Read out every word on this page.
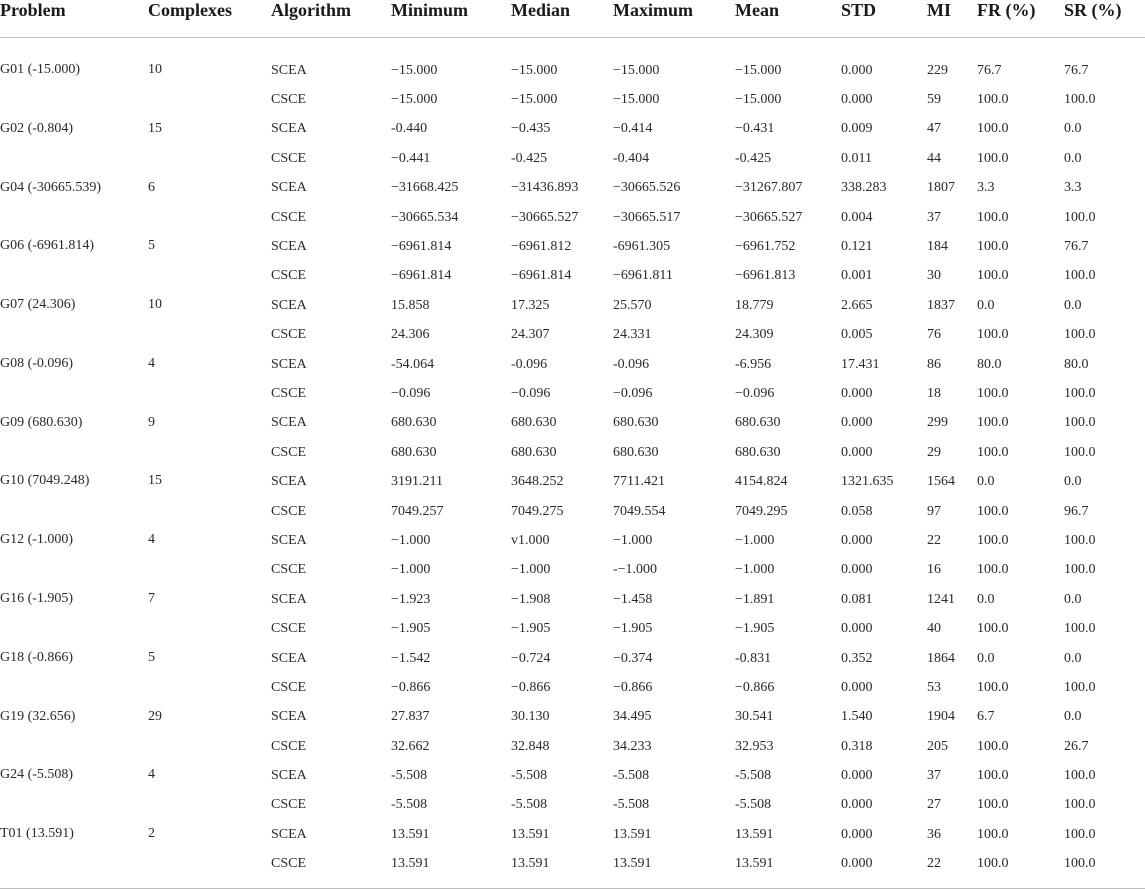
Problem	Complexes	Algorithm	Minimum	Median	Maximum	Mean	STD	MI	FR (%)	SR (%)

G01 (-15.000)	10	SCEA	−15.000	−15.000	−15.000	−15.000	0.000	229	76.7	76.7
		CSCE	−15.000	−15.000	−15.000	−15.000	0.000	59	100.0	100.0
G02 (-0.804)	15	SCEA	-0.440	−0.435	−0.414	−0.431	0.009	47	100.0	0.0
		CSCE	−0.441	-0.425	-0.404	-0.425	0.011	44	100.0	0.0
G04 (-30665.539)	6	SCEA	−31668.425	−31436.893	−30665.526	−31267.807	338.283	1807	3.3	3.3
		CSCE	−30665.534	−30665.527	−30665.517	−30665.527	0.004	37	100.0	100.0
G06 (-6961.814)	5	SCEA	−6961.814	−6961.812	-6961.305	−6961.752	0.121	184	100.0	76.7
		CSCE	−6961.814	−6961.814	−6961.811	−6961.813	0.001	30	100.0	100.0
G07 (24.306)	10	SCEA	15.858	17.325	25.570	18.779	2.665	1837	0.0	0.0
		CSCE	24.306	24.307	24.331	24.309	0.005	76	100.0	100.0
G08 (-0.096)	4	SCEA	-54.064	-0.096	-0.096	-6.956	17.431	86	80.0	80.0
		CSCE	−0.096	−0.096	−0.096	−0.096	0.000	18	100.0	100.0
G09 (680.630)	9	SCEA	680.630	680.630	680.630	680.630	0.000	299	100.0	100.0
		CSCE	680.630	680.630	680.630	680.630	0.000	29	100.0	100.0
G10 (7049.248)	15	SCEA	3191.211	3648.252	7711.421	4154.824	1321.635	1564	0.0	0.0
		CSCE	7049.257	7049.275	7049.554	7049.295	0.058	97	100.0	96.7
G12 (-1.000)	4	SCEA	−1.000	v1.000	−1.000	−1.000	0.000	22	100.0	100.0
		CSCE	−1.000	−1.000	-−1.000	−1.000	0.000	16	100.0	100.0
G16 (-1.905)	7	SCEA	−1.923	−1.908	−1.458	−1.891	0.081	1241	0.0	0.0
		CSCE	−1.905	−1.905	−1.905	−1.905	0.000	40	100.0	100.0
G18 (-0.866)	5	SCEA	−1.542	−0.724	−0.374	-0.831	0.352	1864	0.0	0.0
		CSCE	−0.866	−0.866	−0.866	−0.866	0.000	53	100.0	100.0
G19 (32.656)	29	SCEA	27.837	30.130	34.495	30.541	1.540	1904	6.7	0.0
		CSCE	32.662	32.848	34.233	32.953	0.318	205	100.0	26.7
G24 (-5.508)	4	SCEA	-5.508	-5.508	-5.508	-5.508	0.000	37	100.0	100.0
		CSCE	-5.508	-5.508	-5.508	-5.508	0.000	27	100.0	100.0
T01 (13.591)	2	SCEA	13.591	13.591	13.591	13.591	0.000	36	100.0	100.0
		CSCE	13.591	13.591	13.591	13.591	0.000	22	100.0	100.0
